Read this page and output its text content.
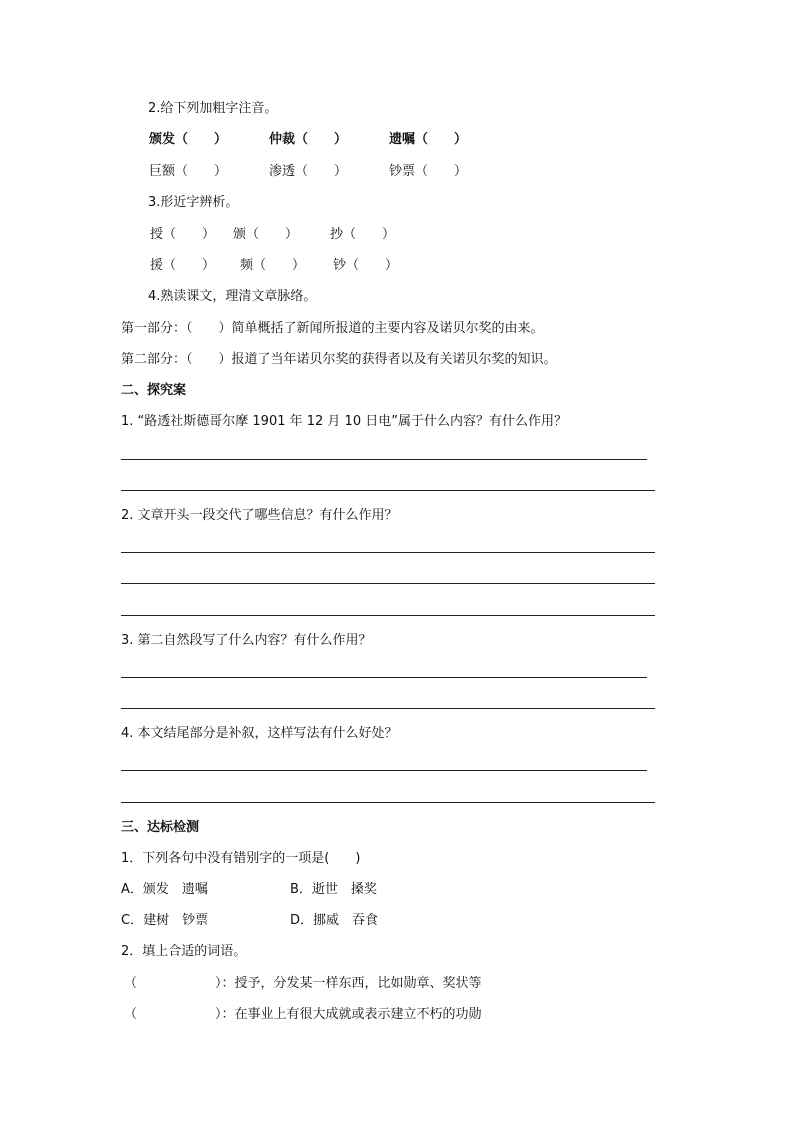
2.给下列加粗字注音。
颁发（　　）	仲裁（　　）	遗嘱（　　）
巨额（　　）	渗透（　　）	钞票（　　）
3.形近字辨析。
授（　　） 颁（　　） 抄（　　）
援（　　） 频（　　） 钞（　　）
4.熟读课文，理清文章脉络。
第一部分：（　　）简单概括了新闻所报道的主要内容及诺贝尔奖的由来。
第二部分：（　　）报道了当年诺贝尔奖的获得者以及有关诺贝尔奖的知识。
二、探究案
1. “路透社斯德哥尔摩 1901 年 12 月 10 日电”属于什么内容？有什么作用？
2. 文章开头一段交代了哪些信息？有什么作用？
3. 第二自然段写了什么内容？有什么作用？
4. 本文结尾部分是补叙，这样写法有什么好处？
三、达标检测
1．下列各句中没有错别字的一项是(　　)
A．颁发　遗嘱	B．逝世　搡奖
C．建树　钞票	D．挪威　吞食
2．填上合适的词语。
（　　　　　　）：授予，分发某一样东西，比如勋章、奖状等
（　　　　　　）：在事业上有很大成就或表示建立不朽的功勋
